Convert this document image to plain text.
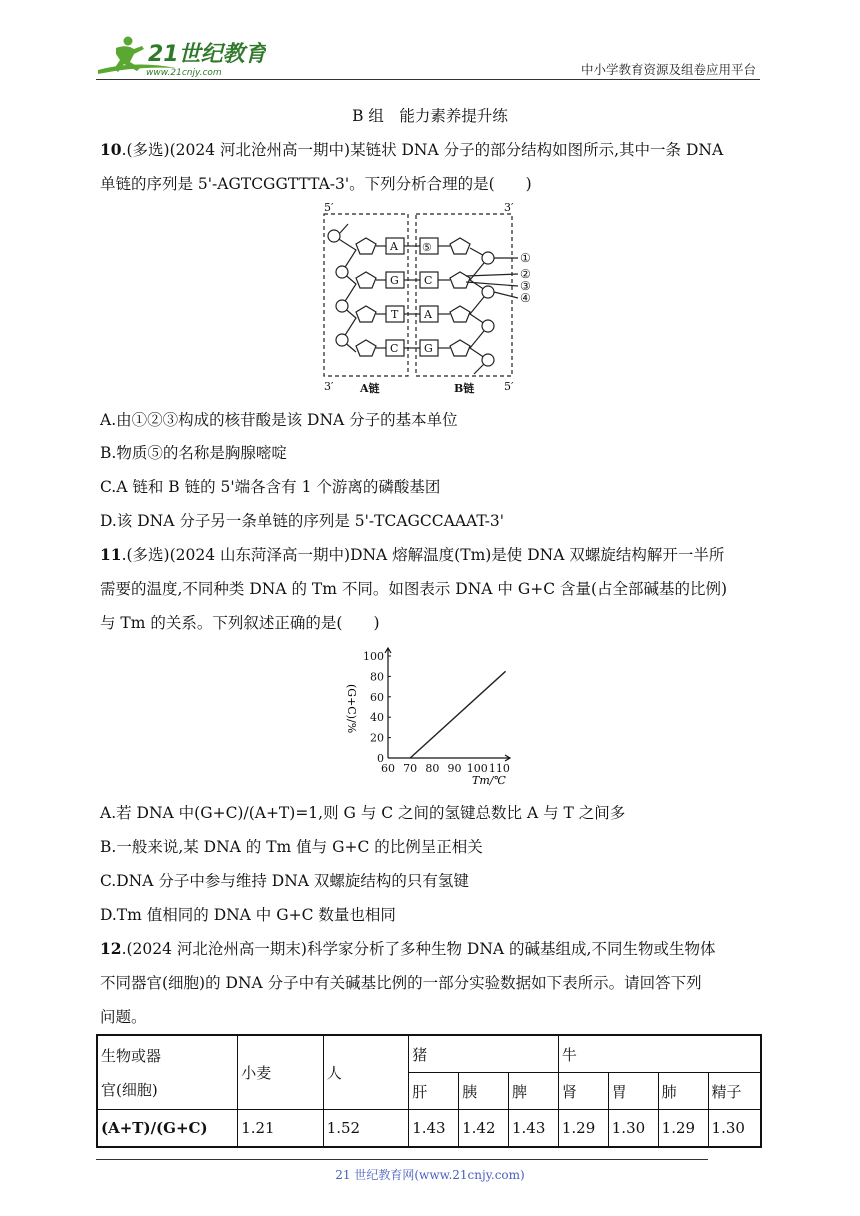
21世纪教育
www.21cnjy.com	中小学教育资源及组卷应用平台
B 组　能力素养提升练
10.(多选)(2024 河北沧州高一期中)某链状 DNA 分子的部分结构如图所示,其中一条 DNA
单链的序列是 5'-AGTCGGTTTA-3'。下列分析合理的是(　　)
5′	3′
3′	5′
A链	B链
A
G
T
C
⑤
C
A
G
①
②
③
④
A.由①②③构成的核苷酸是该 DNA 分子的基本单位
B.物质⑤的名称是胸腺嘧啶
C.A 链和 B 链的 5'端各含有 1 个游离的磷酸基团
D.该 DNA 分子另一条单链的序列是 5'-TCAGCCAAAT-3'
11.(多选)(2024 山东菏泽高一期中)DNA 熔解温度(Tm)是使 DNA 双螺旋结构解开一半所
需要的温度,不同种类 DNA 的 Tm 不同。如图表示 DNA 中 G+C 含量(占全部碱基的比例)
与 Tm 的关系。下列叙述正确的是(　　)
(G+C)/%
60 70 80 90 100 110
0
20
40
60
80
100
Tm/℃
A.若 DNA 中(G+C)/(A+T)=1,则 G 与 C 之间的氢键总数比 A 与 T 之间多
B.一般来说,某 DNA 的 Tm 值与 G+C 的比例呈正相关
C.DNA 分子中参与维持 DNA 双螺旋结构的只有氢键
D.Tm 值相同的 DNA 中 G+C 数量也相同
12.(2024 河北沧州高一期末)科学家分析了多种生物 DNA 的碱基组成,不同生物或生物体
不同器官(细胞)的 DNA 分子中有关碱基比例的一部分实验数据如下表所示。请回答下列
问题。
生物或器
官(细胞)	小麦	人	猪			牛			
			肝	胰	脾	肾	胃	肺	精子
(A+T)/(G+C)	1.21	1.52	1.43	1.42	1.43	1.29	1.30	1.29	1.30
21 世纪教育网(www.21cnjy.com)
